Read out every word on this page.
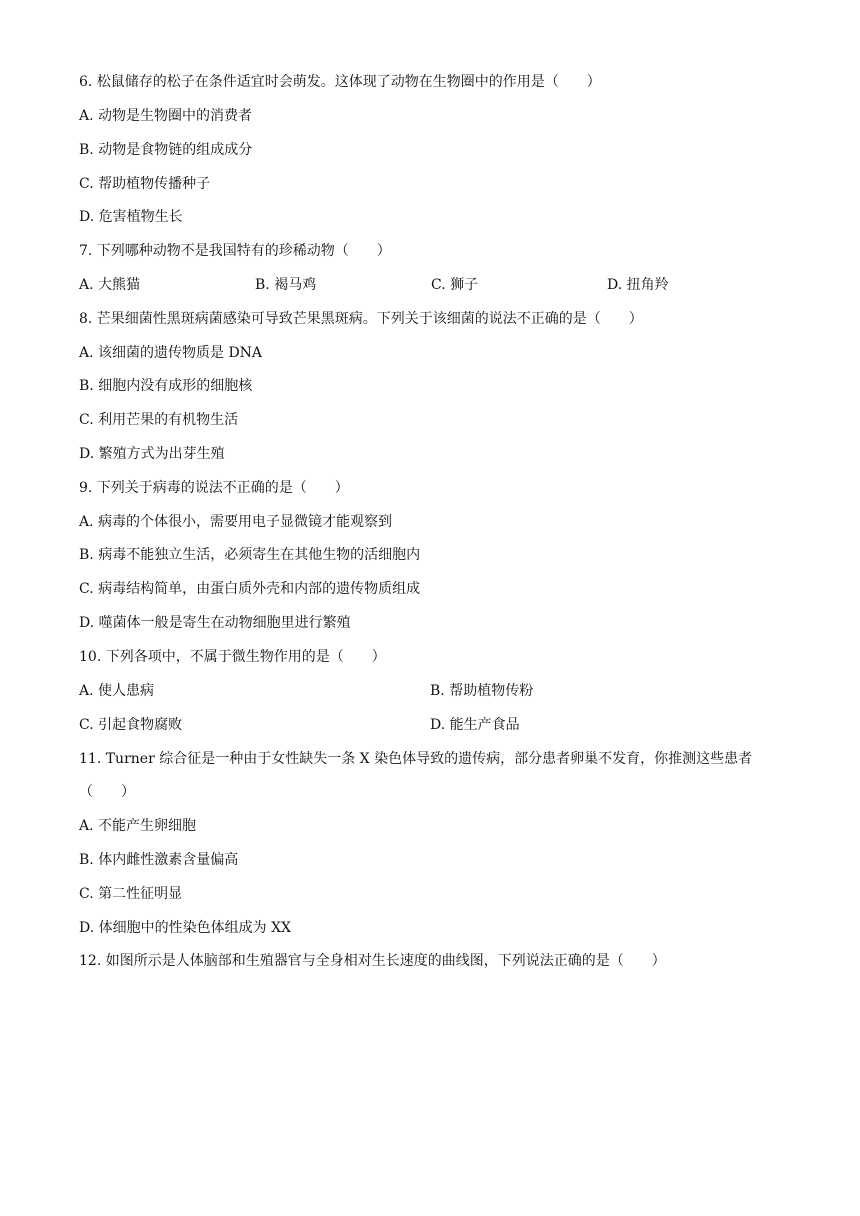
6. 松鼠储存的松子在条件适宜时会萌发。这体现了动物在生物圈中的作用是（　　）
A. 动物是生物圈中的消费者
B. 动物是食物链的组成成分
C. 帮助植物传播种子
D. 危害植物生长
7. 下列哪种动物不是我国特有的珍稀动物（　　）
A. 大熊猫	B. 褐马鸡	C. 狮子	D. 扭角羚
8. 芒果细菌性黑斑病菌感染可导致芒果黑斑病。下列关于该细菌的说法不正确的是（　　）
A. 该细菌的遗传物质是 DNA
B. 细胞内没有成形的细胞核
C. 利用芒果的有机物生活
D. 繁殖方式为出芽生殖
9. 下列关于病毒的说法不正确的是（　　）
A. 病毒的个体很小，需要用电子显微镜才能观察到
B. 病毒不能独立生活，必须寄生在其他生物的活细胞内
C. 病毒结构简单，由蛋白质外壳和内部的遗传物质组成
D. 噬菌体一般是寄生在动物细胞里进行繁殖
10. 下列各项中，不属于微生物作用的是（　　）
A. 使人患病	B. 帮助植物传粉
C. 引起食物腐败	D. 能生产食品
11. Turner 综合征是一种由于女性缺失一条 X 染色体导致的遗传病，部分患者卵巢不发育，你推测这些患者
（　　）
A. 不能产生卵细胞
B. 体内雌性激素含量偏高
C. 第二性征明显
D. 体细胞中的性染色体组成为 XX
12. 如图所示是人体脑部和生殖器官与全身相对生长速度的曲线图，下列说法正确的是（　　）
